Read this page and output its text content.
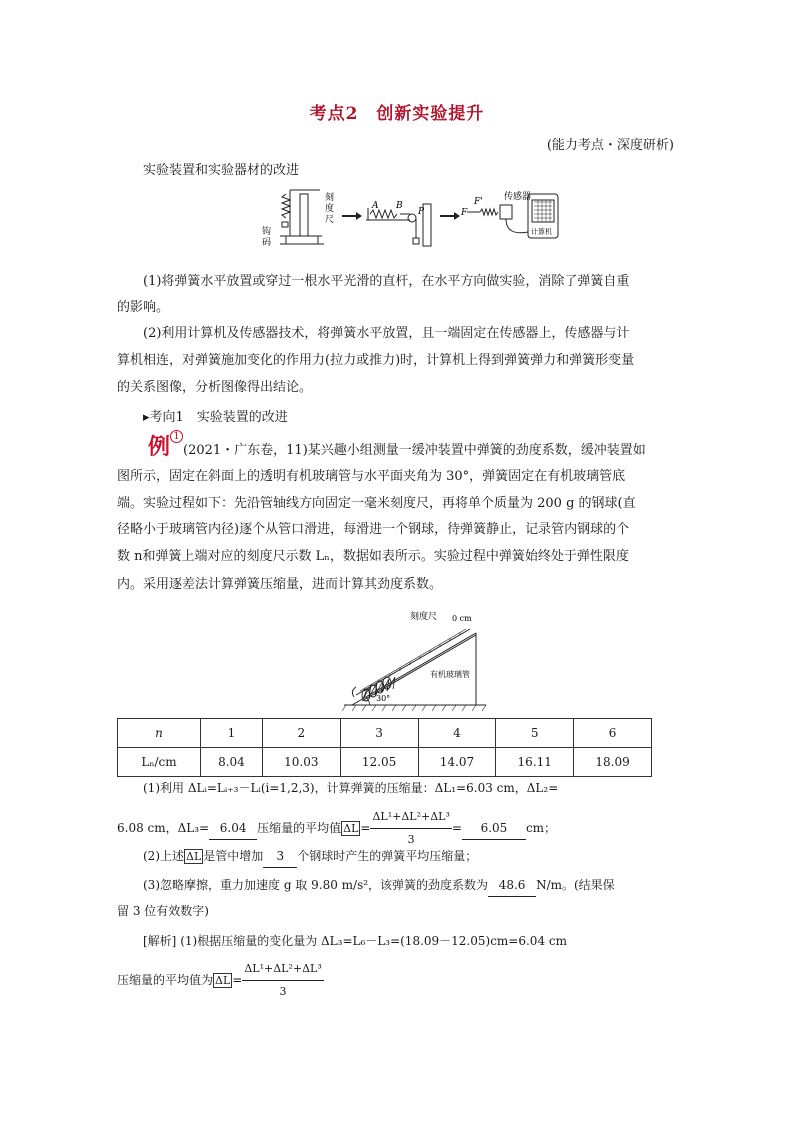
考点2　创新实验提升
(能力考点・深度研析)
实验装置和实验器材的改进
刻
度
尺
钩
码
A B
P	F
F' 传感器
计算机
(1)将弹簧水平放置或穿过一根水平光滑的直杆，在水平方向做实验，消除了弹簧自重
的影响。
(2)利用计算机及传感器技术，将弹簧水平放置，且一端固定在传感器上，传感器与计
算机相连，对弹簧施加变化的作用力(拉力或推力)时，计算机上得到弹簧弹力和弹簧形变量
的关系图像，分析图像得出结论。
▸考向1　实验装置的改进
例 1
(2021・广东卷，11)某兴趣小组测量一缓冲装置中弹簧的劲度系数，缓冲装置如
图所示，固定在斜面上的透明有机玻璃管与水平面夹角为 30°，弹簧固定在有机玻璃管底
端。实验过程如下：先沿管轴线方向固定一毫米刻度尺，再将单个质量为 200 g 的钢球(直
径略小于玻璃管内径)逐个从管口滑进，每滑进一个钢球，待弹簧静止，记录管内钢球的个
数 n和弹簧上端对应的刻度尺示数 Lₙ，数据如表所示。实验过程中弹簧始终处于弹性限度
内。采用逐差法计算弹簧压缩量，进而计算其劲度系数。
刻度尺 0 cm
有机玻璃管
30°
n	1	2	3	4	5	6
Lₙ/cm	8.04	10.03	12.05	14.07	16.11	18.09
(1)利用 ΔLᵢ=Lᵢ₊₃－Lᵢ(i=1,2,3)，计算弹簧的压缩量：ΔL₁=6.03 cm，ΔL₂=
6.08 cm，ΔL₃= 6.04 压缩量的平均值 $\Delta L = \frac{\text{ΔL¹+ΔL²+ΔL³}}{3} = 6.05$ cm；
(2)上述 ΔL 是管中增加 3 个钢球时产生的弹簧平均压缩量；
(3)忽略摩擦，重力加速度 g 取 9.80 m/s²，该弹簧的劲度系数为 48.6 N/m。(结果保
留 3 位有效数字)
[解析] (1)根据压缩量的变化量为 ΔL₃=L₆－L₃=(18.09－12.05)cm=6.04 cm
压缩量的平均值为 $\Delta L = \frac{\text{ΔL¹+ΔL²+ΔL³}}{3}$
